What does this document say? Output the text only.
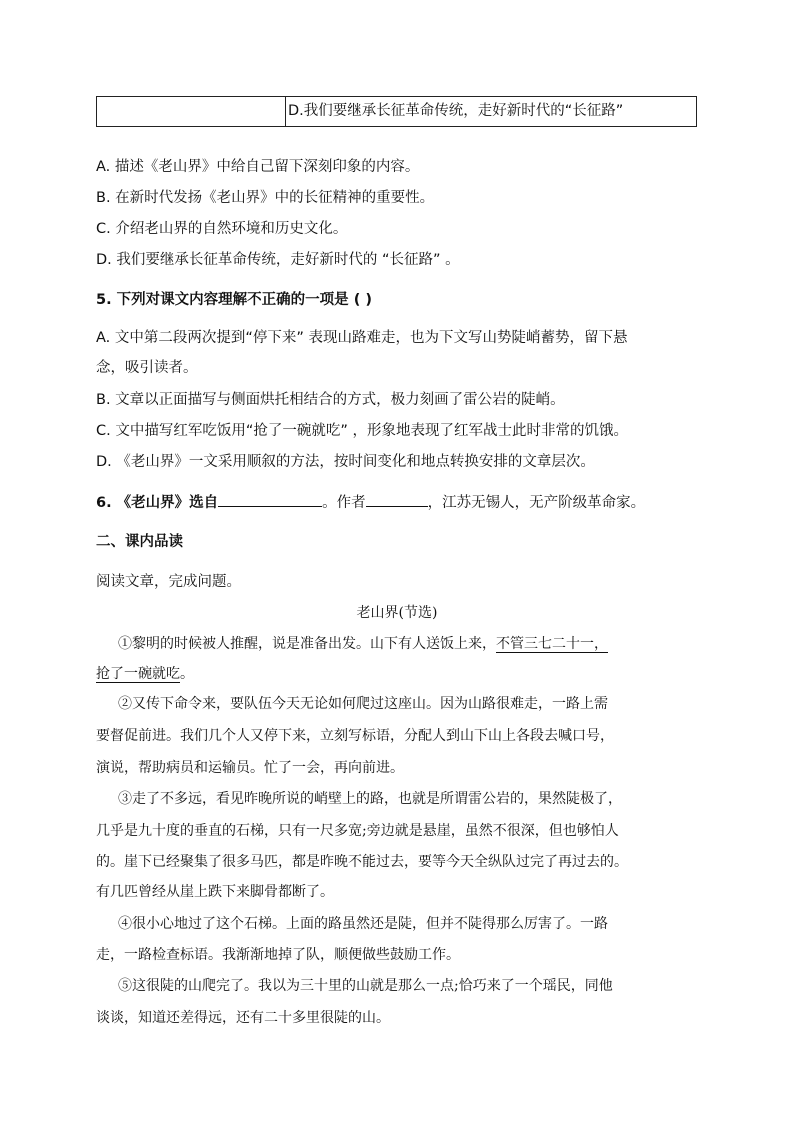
D.我们要继承长征革命传统，走好新时代的“长征路”
A. 描述《老山界》中给自己留下深刻印象的内容。
B. 在新时代发扬《老山界》中的长征精神的重要性。
C. 介绍老山界的自然环境和历史文化。
D. 我们要继承长征革命传统，走好新时代的 “长征路” 。
5. 下列对课文内容理解不正确的一项是 ( )
A. 文中第二段两次提到“停下来” 表现山路难走，也为下文写山势陡峭蓄势，留下悬
念，吸引读者。
B. 文章以正面描写与侧面烘托相结合的方式，极力刻画了雷公岩的陡峭。
C. 文中描写红军吃饭用“抢了一碗就吃” ，形象地表现了红军战士此时非常的饥饿。
D. 《老山界》一文采用顺叙的方法，按时间变化和地点转换安排的文章层次。
6. 《老山界》选自	。作者	，江苏无锡人，无产阶级革命家。
二、课内品读
阅读文章，完成问题。
老山界(节选)
①黎明的时候被人推醒，说是准备出发。山下有人送饭上来，不管三七二十一，
抢了一碗就吃。
②又传下命令来，要队伍今天无论如何爬过这座山。因为山路很难走，一路上需
要督促前进。我们几个人又停下来，立刻写标语，分配人到山下山上各段去喊口号，
演说，帮助病员和运输员。忙了一会，再向前进。
③走了不多远，看见昨晚所说的峭壁上的路，也就是所谓雷公岩的，果然陡极了，
几乎是九十度的垂直的石梯，只有一尺多宽;旁边就是悬崖，虽然不很深，但也够怕人
的。崖下已经聚集了很多马匹，都是昨晚不能过去，要等今天全纵队过完了再过去的。
有几匹曾经从崖上跌下来脚骨都断了。
④很小心地过了这个石梯。上面的路虽然还是陡，但并不陡得那么厉害了。一路
走，一路检查标语。我渐渐地掉了队，顺便做些鼓励工作。
⑤这很陡的山爬完了。我以为三十里的山就是那么一点;恰巧来了一个瑶民，同他
谈谈，知道还差得远，还有二十多里很陡的山。
